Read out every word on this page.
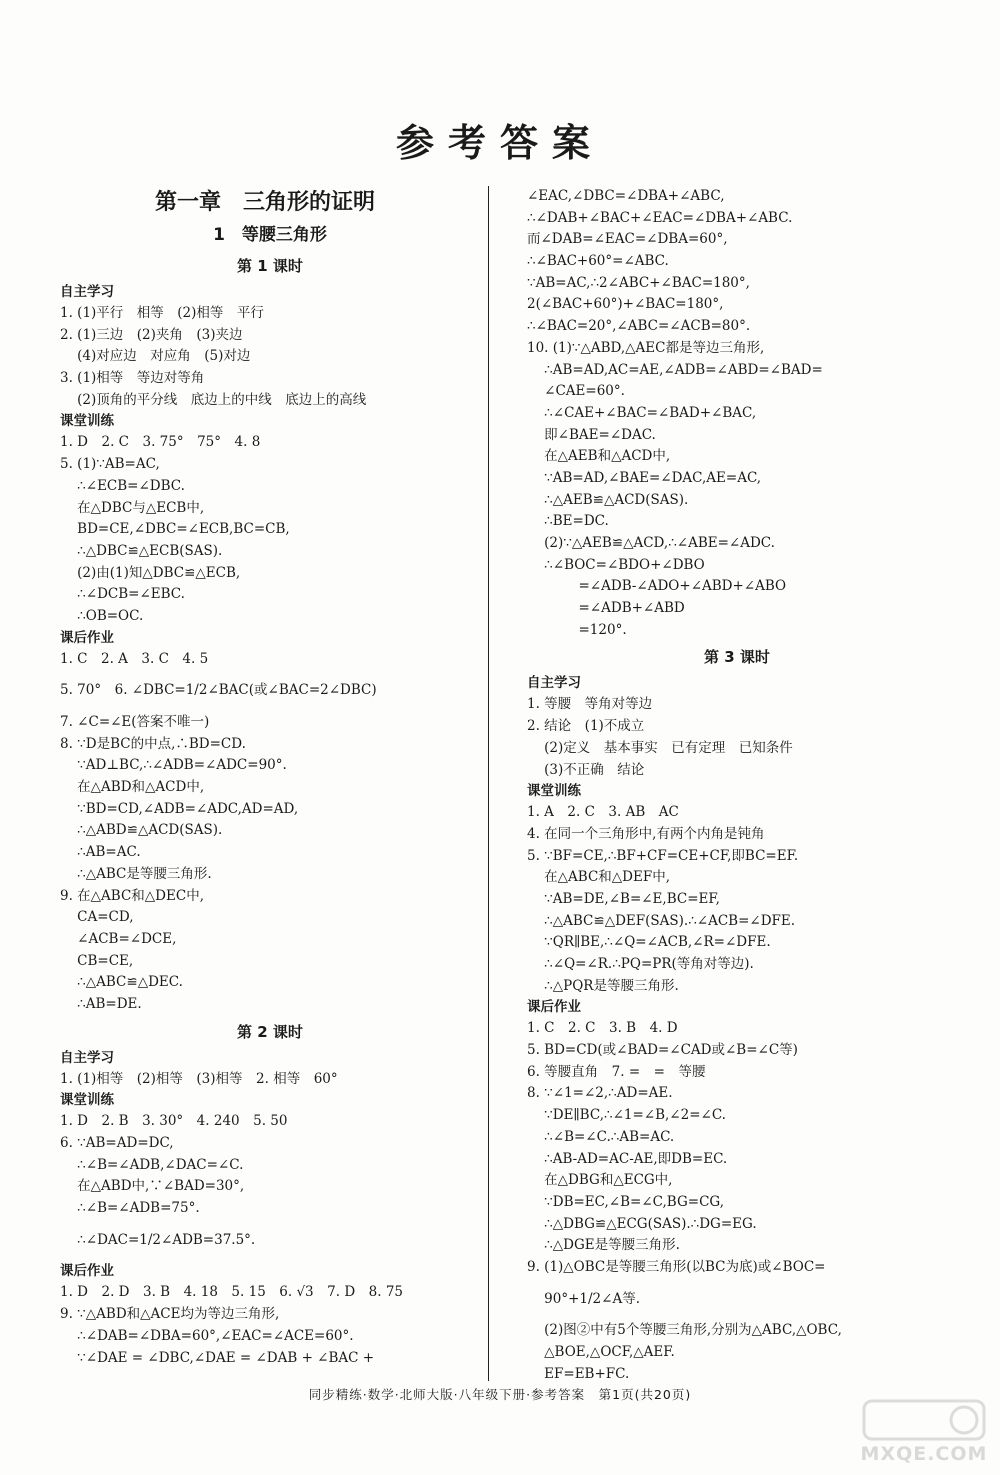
参考答案
第一章　三角形的证明
1　等腰三角形
第 1 课时
自主学习
1. (1)平行　相等　(2)相等　平行
2. (1)三边　(2)夹角　(3)夹边
(4)对应边　对应角　(5)对边
3. (1)相等　等边对等角
(2)顶角的平分线　底边上的中线　底边上的高线
课堂训练
1. D　2. C　3. 75°　75°　4. 8
5. (1)∵AB=AC,
∴∠ECB=∠DBC.
在△DBC与△ECB中,
BD=CE,∠DBC=∠ECB,BC=CB,
∴△DBC≌△ECB(SAS).
(2)由(1)知△DBC≌△ECB,
∴∠DCB=∠EBC.
∴OB=OC.
课后作业
1. C　2. A　3. C　4. 5
5. 70°　6. ∠DBC=1/2∠BAC(或∠BAC=2∠DBC)
7. ∠C=∠E(答案不唯一)
8. ∵D是BC的中点,∴BD=CD.
∵AD⊥BC,∴∠ADB=∠ADC=90°.
在△ABD和△ACD中,
∵BD=CD,∠ADB=∠ADC,AD=AD,
∴△ABD≌△ACD(SAS).
∴AB=AC.
∴△ABC是等腰三角形.
9. 在△ABC和△DEC中,
CA=CD,
∠ACB=∠DCE,
CB=CE,
∴△ABC≌△DEC.
∴AB=DE.
第 2 课时
自主学习
1. (1)相等　(2)相等　(3)相等　2. 相等　60°
课堂训练
1. D　2. B　3. 30°　4. 240　5. 50
6. ∵AB=AD=DC,
∴∠B=∠ADB,∠DAC=∠C.
在△ABD中,∵∠BAD=30°,
∴∠B=∠ADB=75°.
∴∠DAC=1/2∠ADB=37.5°.
课后作业
1. D　2. D　3. B　4. 18　5. 15　6. √3　7. D　8. 75
9. ∵△ABD和△ACE均为等边三角形,
∴∠DAB=∠DBA=60°,∠EAC=∠ACE=60°.
∵∠DAE = ∠DBC,∠DAE = ∠DAB + ∠BAC +
∠EAC,∠DBC=∠DBA+∠ABC,
∴∠DAB+∠BAC+∠EAC=∠DBA+∠ABC.
而∠DAB=∠EAC=∠DBA=60°,
∴∠BAC+60°=∠ABC.
∵AB=AC,∴2∠ABC+∠BAC=180°,
2(∠BAC+60°)+∠BAC=180°,
∴∠BAC=20°,∠ABC=∠ACB=80°.
10. (1)∵△ABD,△AEC都是等边三角形,
∴AB=AD,AC=AE,∠ADB=∠ABD=∠BAD=
∠CAE=60°.
∴∠CAE+∠BAC=∠BAD+∠BAC,
即∠BAE=∠DAC.
在△AEB和△ACD中,
∵AB=AD,∠BAE=∠DAC,AE=AC,
∴△AEB≌△ACD(SAS).
∴BE=DC.
(2)∵△AEB≌△ACD,∴∠ABE=∠ADC.
∴∠BOC=∠BDO+∠DBO
=∠ADB-∠ADO+∠ABD+∠ABO
=∠ADB+∠ABD
=120°.
第 3 课时
自主学习
1. 等腰　等角对等边
2. 结论　(1)不成立
(2)定义　基本事实　已有定理　已知条件
(3)不正确　结论
课堂训练
1. A　2. C　3. AB　AC
4. 在同一个三角形中,有两个内角是钝角
5. ∵BF=CE,∴BF+CF=CE+CF,即BC=EF.
在△ABC和△DEF中,
∵AB=DE,∠B=∠E,BC=EF,
∴△ABC≌△DEF(SAS).∴∠ACB=∠DFE.
∵QR∥BE,∴∠Q=∠ACB,∠R=∠DFE.
∴∠Q=∠R.∴PQ=PR(等角对等边).
∴△PQR是等腰三角形.
课后作业
1. C　2. C　3. B　4. D
5. BD=CD(或∠BAD=∠CAD或∠B=∠C等)
6. 等腰直角　7. =　=　等腰
8. ∵∠1=∠2,∴AD=AE.
∵DE∥BC,∴∠1=∠B,∠2=∠C.
∴∠B=∠C.∴AB=AC.
∴AB-AD=AC-AE,即DB=EC.
在△DBG和△ECG中,
∵DB=EC,∠B=∠C,BG=CG,
∴△DBG≌△ECG(SAS).∴DG=EG.
∴△DGE是等腰三角形.
9. (1)△OBC是等腰三角形(以BC为底)或∠BOC=
90°+1/2∠A等.
(2)图②中有5个等腰三角形,分别为△ABC,△OBC,
△BOE,△OCF,△AEF.
EF=EB+FC.
同步精练·数学·北师大版·八年级下册·参考答案　第1页(共20页)
MXQE.COM
